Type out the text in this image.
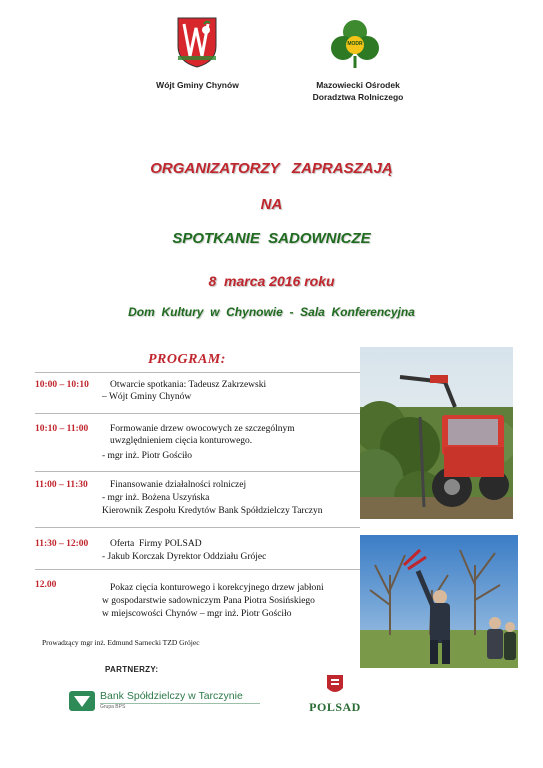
Wójt Gminy Chynów
MODR
Mazowiecki Ośrodek
Doradztwa Rolniczego
ORGANIZATORZY   ZAPRASZAJĄ
NA
SPOTKANIE  SADOWNICZE
8  marca 2016 roku
Dom  Kultury  w  Chynowie  -  Sala  Konferencyjna
PROGRAM:
10:00 – 10:10 Otwarcie spotkania: Tadeusz Zakrzewski
– Wójt Gminy Chynów
10:10 – 11:00 Formowanie drzew owocowych ze szczególnym
uwzględnieniem cięcia konturowego.
- mgr inż. Piotr Gościło
11:00 – 11:30 Finansowanie działalności rolniczej
- mgr inż. Bożena Uszyńska
Kierownik Zespołu Kredytów Bank Spółdzielczy Tarczyn
11:30 – 12:00 Oferta  Firmy POLSAD
- Jakub Korczak Dyrektor Oddziału Grójec
12.00	Pokaz cięcia konturowego i korekcyjnego drzew jabłoni
w gospodarstwie sadowniczym Pana Piotra Sosińskiego
w miejscowości Chynów – mgr inż. Piotr Gościło
Prowadzący mgr inż. Edmund Sarnecki TZD Grójec
PARTNERZY:
Bank Spółdzielczy w Tarczynie
Grupa BPS	POLSAD
